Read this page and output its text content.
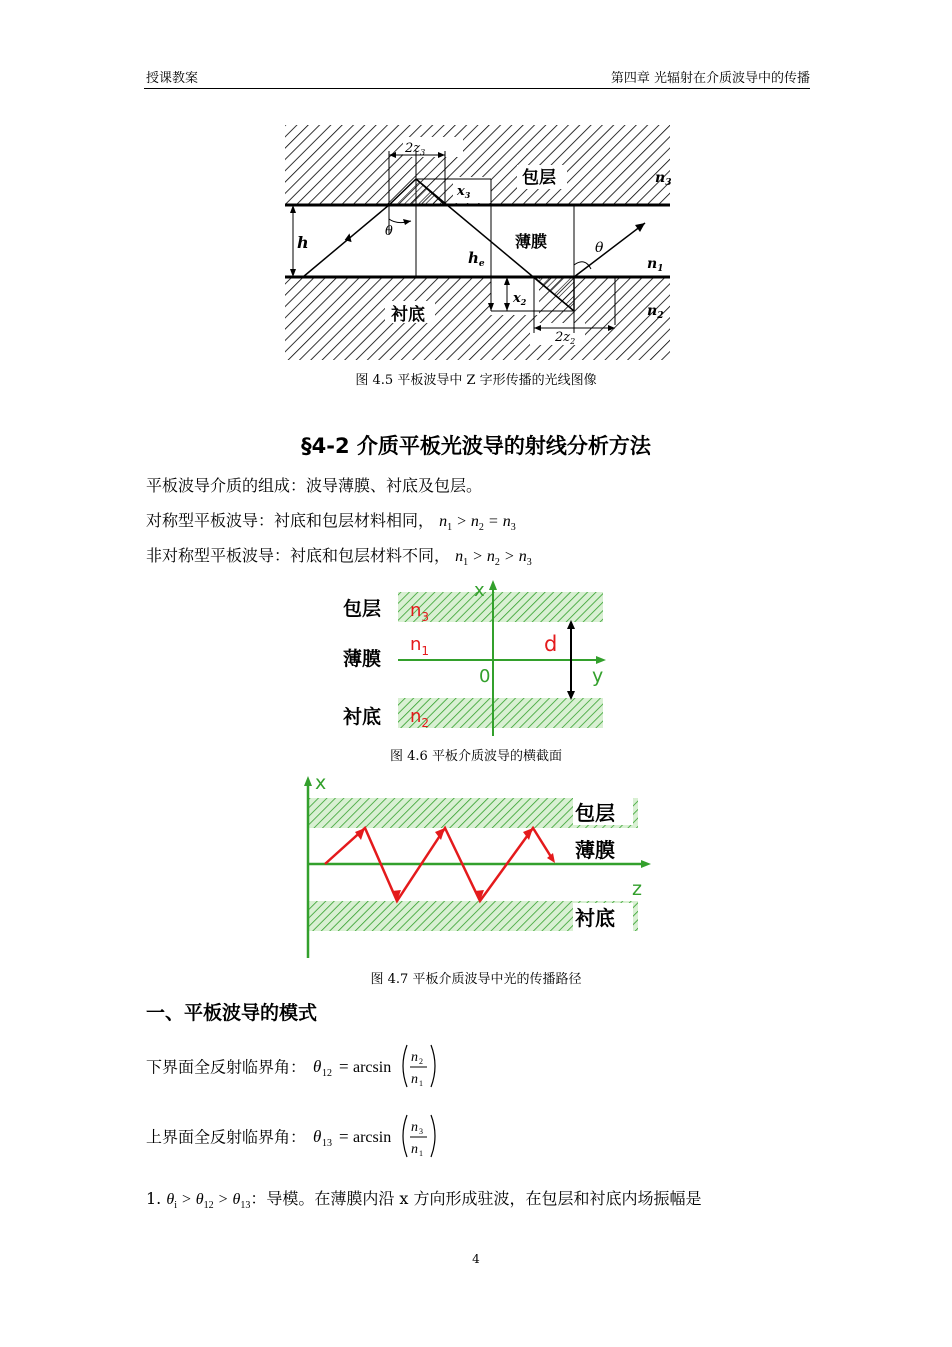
授课教案	第四章 光辐射在介质波导中的传播
$2z_3$
$x_3$
包层	$n_3$
h
θ
薄膜	θ
$h_e$	$n_1$
$x_2$
$n_2$
衬底
$2z_2$
图 4.5 平板波导中 Z 字形传播的光线图像
§4-2 介质平板光波导的射线分析方法
平板波导介质的组成：波导薄膜、衬底及包层。
对称型平板波导：衬底和包层材料相同， $n_1 > n_2 = n_3$
非对称型平板波导：衬底和包层材料不同， $n_1 > n_2 > n_3$
包层
薄膜
衬底
$n_3$
$n_1$
$n_2$
x
0	y
d
图 4.6 平板介质波导的横截面
x
z
包层
薄膜
衬底
图 4.7 平板介质波导中光的传播路径
一、平板波导的模式
下界面全反射临界角： θ 12 = arcsin
n 2
n 1
上界面全反射临界角： θ 13 = arcsin
n 3
n 1
1. $\theta_i > \theta_{12} > \theta_{13}$：导模。在薄膜内沿 x 方向形成驻波，在包层和衬底内场振幅是
4
